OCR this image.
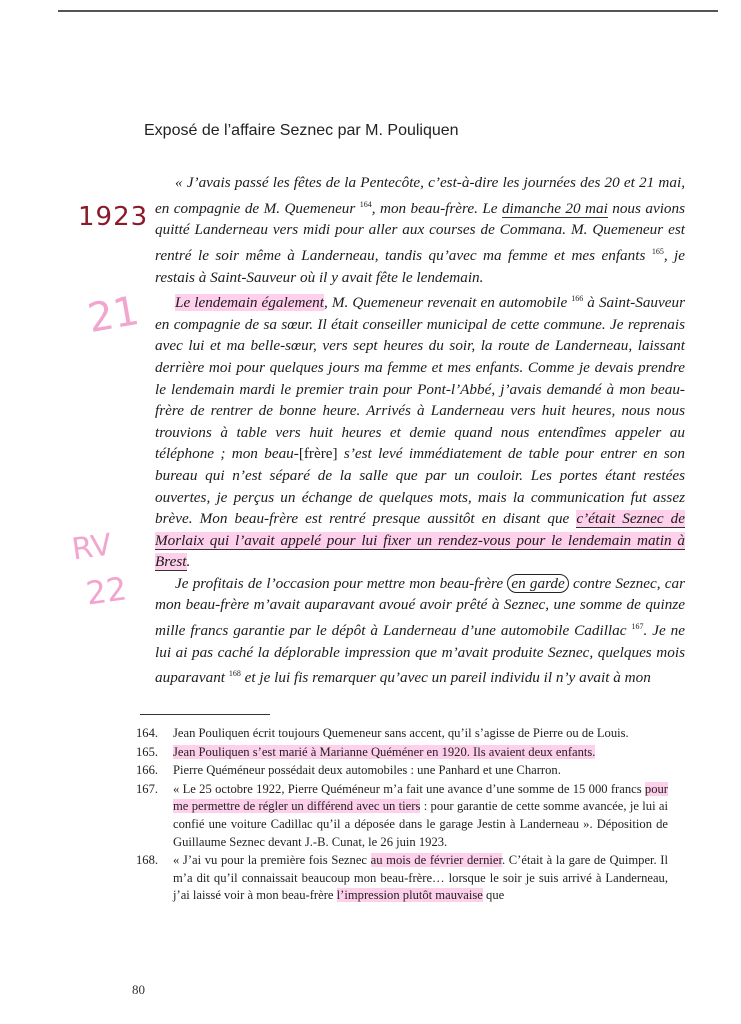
Exposé de l’affaire Seznec par M. Pouliquen
1923
21
RV
22

« J’avais passé les fêtes de la Pentecôte, c’est-à-dire les journées des 20 et 21 mai, en compagnie de M. Quemeneur $^{164}$, mon beau-frère. Le dimanche 20 mai nous avions quitté Landerneau vers midi pour aller aux courses de Commana. M. Quemeneur est rentré le soir même à Landerneau, tandis qu’avec ma femme et mes enfants $^{165}$, je restais à Saint-Sauveur où il y avait fête le lendemain.

Le lendemain également, M. Quemeneur revenait en automobile $^{166}$ à Saint-Sauveur en compagnie de sa sœur. Il était conseiller municipal de cette commune. Je reprenais avec lui et ma belle-sœur, vers sept heures du soir, la route de Landerneau, laissant derrière moi pour quelques jours ma femme et mes enfants. Comme je devais prendre le lendemain mardi le premier train pour Pont-l’Abbé, j’avais demandé à mon beau-frère de rentrer de bonne heure. Arrivés à Landerneau vers huit heures, nous nous trouvions à table vers huit heures et demie quand nous entendîmes appeler au téléphone ; mon beau-[frère] s’est levé immédiatement de table pour entrer en son bureau qui n’est séparé de la salle que par un couloir. Les portes étant restées ouvertes, je perçus un échange de quelques mots, mais la communication fut assez brève. Mon beau-frère est rentré presque aussitôt en disant que c’était Seznec de Morlaix qui l’avait appelé pour lui fixer un rendez-vous pour le lendemain matin à Brest.

Je profitais de l’occasion pour mettre mon beau-frère en garde contre Seznec, car mon beau-frère m’avait auparavant avoué avoir prêté à Seznec, une somme de quinze mille francs garantie par le dépôt à Landerneau d’une automobile Cadillac $^{167}$. Je ne lui ai pas caché la déplorable impression que m’avait produite Seznec, quelques mois auparavant $^{168}$ et je lui fis remarquer qu’avec un pareil individu il n’y avait à mon

164.	Jean Pouliquen écrit toujours Quemeneur sans accent, qu’il s’agisse de Pierre ou de Louis.
165.	Jean Pouliquen s’est marié à Marianne Quéméner en 1920. Ils avaient deux enfants.
166.	Pierre Quéméneur possédait deux automobiles : une Panhard et une Charron.
167.	« Le 25 octobre 1922, Pierre Quéméneur m’a fait une avance d’une somme de 15 000 francs pour me permettre de régler un différend avec un tiers : pour garantie de cette somme avancée, je lui ai confié une voiture Cadillac qu’il a déposée dans le garage Jestin à Landerneau ». Déposition de Guillaume Seznec devant J.-B. Cunat, le 26 juin 1923.
168.	« J’ai vu pour la première fois Seznec au mois de février dernier. C’était à la gare de Quimper. Il m’a dit qu’il connaissait beaucoup mon beau-frère… lorsque le soir je suis arrivé à Landerneau, j’ai laissé voir à mon beau-frère l’impression plutôt mauvaise que
80
